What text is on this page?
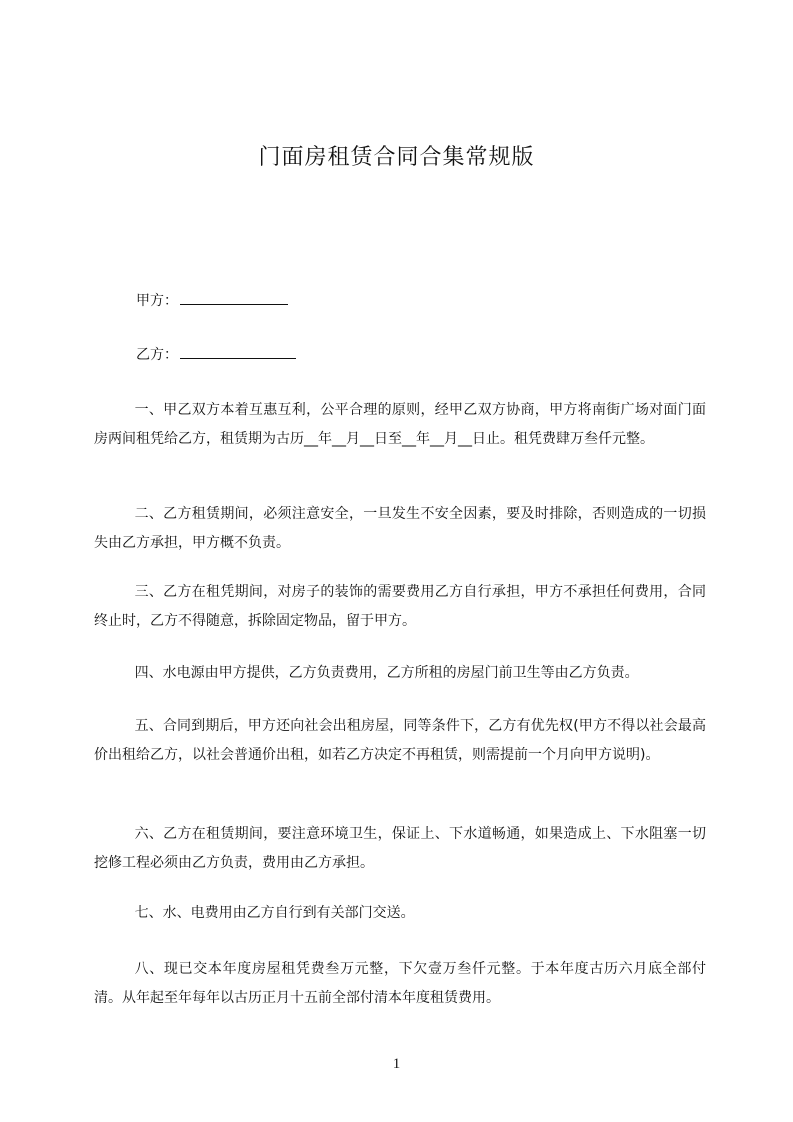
门面房租赁合同合集常规版
甲方：
乙方：

一、甲乙双方本着互惠互利，公平合理的原则，经甲乙双方协商，甲方将南街广场对面门面房两间租凭给乙方，租赁期为古历__年__月__日至__年__月__日止。租凭费肆万叁仟元整。

二、乙方租赁期间，必须注意安全，一旦发生不安全因素，要及时排除，否则造成的一切损失由乙方承担，甲方概不负责。

三、乙方在租凭期间，对房子的装饰的需要费用乙方自行承担，甲方不承担任何费用，合同终止时，乙方不得随意，拆除固定物品，留于甲方。

四、水电源由甲方提供，乙方负责费用，乙方所租的房屋门前卫生等由乙方负责。

五、合同到期后，甲方还向社会出租房屋，同等条件下，乙方有优先权(甲方不得以社会最高价出租给乙方，以社会普通价出租，如若乙方决定不再租赁，则需提前一个月向甲方说明)。

六、乙方在租赁期间，要注意环境卫生，保证上、下水道畅通，如果造成上、下水阻塞一切挖修工程必须由乙方负责，费用由乙方承担。

七、水、电费用由乙方自行到有关部门交送。

八、现已交本年度房屋租凭费叁万元整，下欠壹万叁仟元整。于本年度古历六月底全部付清。从年起至年每年以古历正月十五前全部付清本年度租赁费用。

1
